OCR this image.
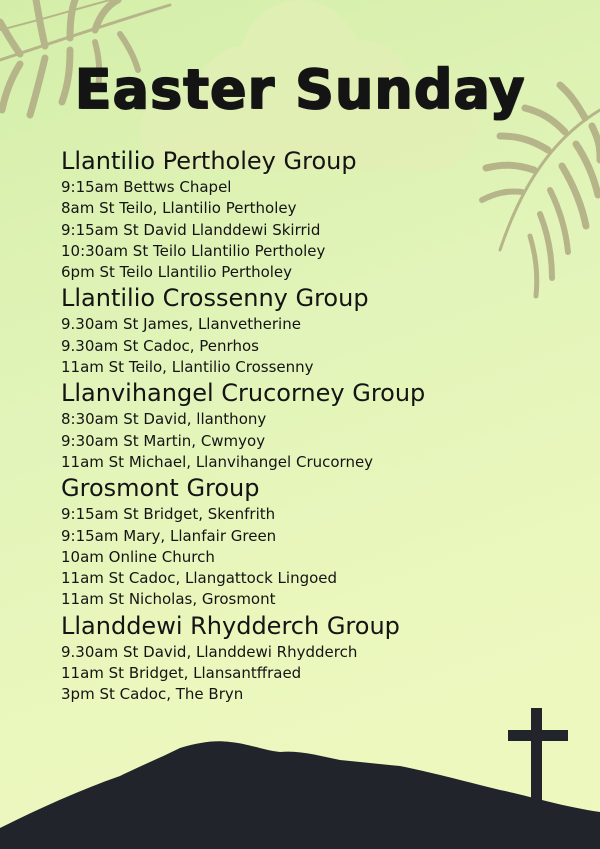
Easter Sunday
Llantilio Pertholey Group
9:15am Bettws Chapel
8am St Teilo, Llantilio Pertholey
9:15am St David Llanddewi Skirrid
10:30am St Teilo Llantilio Pertholey
6pm St Teilo Llantilio Pertholey
Llantilio Crossenny Group
9.30am St James, Llanvetherine
9.30am St Cadoc, Penrhos
11am St Teilo, Llantilio Crossenny
Llanvihangel Crucorney Group
8:30am St David, llanthony
9:30am St Martin, Cwmyoy
11am St Michael, Llanvihangel Crucorney
Grosmont Group
9:15am St Bridget, Skenfrith
9:15am Mary, Llanfair Green
10am Online Church
11am St Cadoc, Llangattock Lingoed
11am St Nicholas, Grosmont
Llanddewi Rhydderch Group
9.30am St David, Llanddewi Rhydderch
11am St Bridget, Llansantffraed
3pm St Cadoc, The Bryn
